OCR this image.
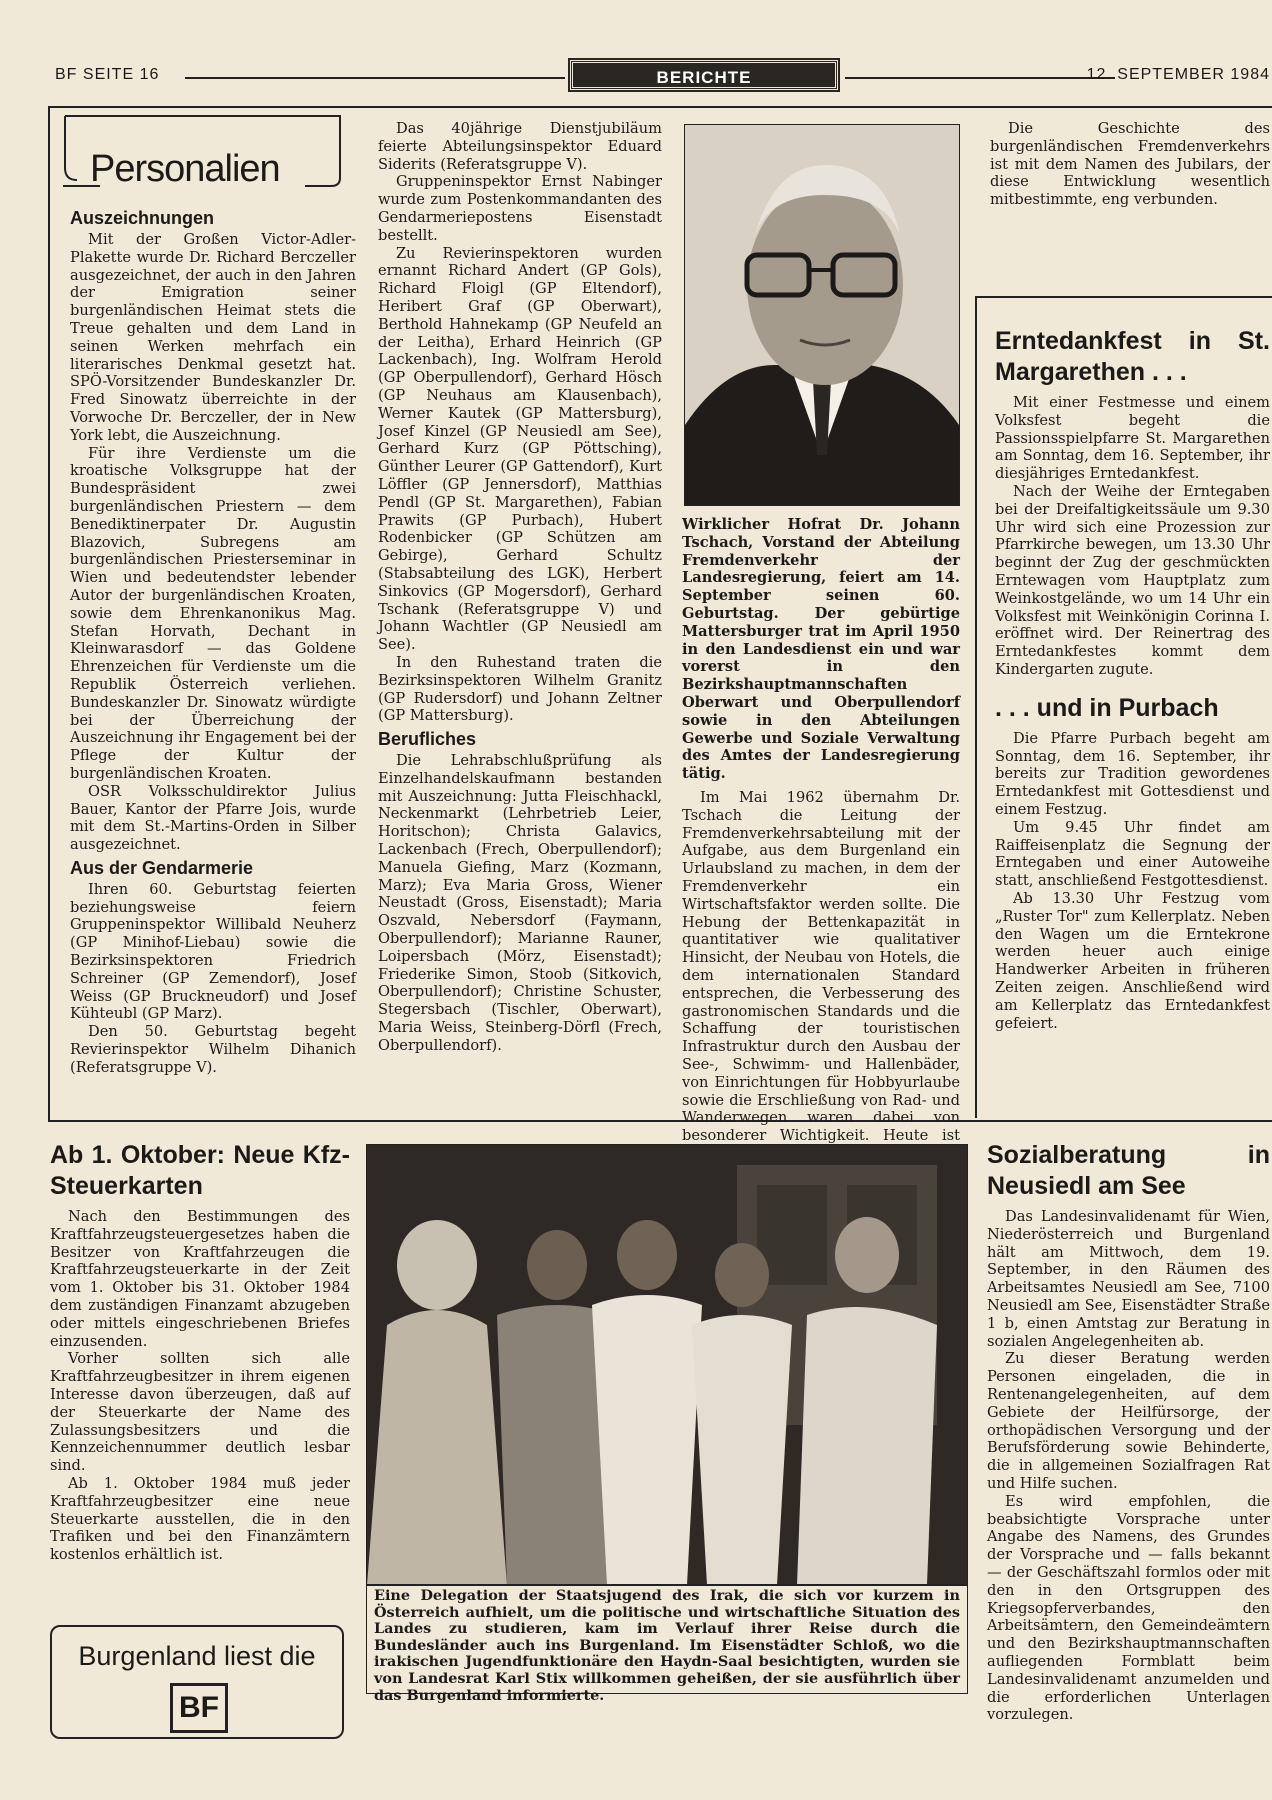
BF SEITE 16	BERICHTE	12. SEPTEMBER 1984
Personalien
Auszeichnungen

Mit der Großen Victor-Adler-Plakette wurde Dr. Richard Berczeller ausgezeichnet, der auch in den Jahren der Emigration seiner burgenländischen Heimat stets die Treue gehalten und dem Land in seinen Werken mehrfach ein literarisches Denkmal gesetzt hat. SPÖ-Vorsitzender Bundeskanzler Dr. Fred Sinowatz überreichte in der Vorwoche Dr. Berczeller, der in New York lebt, die Auszeichnung.

Für ihre Verdienste um die kroatische Volksgruppe hat der Bundespräsident zwei burgenländischen Priestern — dem Benediktinerpater Dr. Augustin Blazovich, Subregens am burgenländischen Priesterseminar in Wien und bedeutendster lebender Autor der burgenländischen Kroaten, sowie dem Ehrenkanonikus Mag. Stefan Horvath, Dechant in Kleinwarasdorf — das Goldene Ehrenzeichen für Verdienste um die Republik Österreich verliehen. Bundeskanzler Dr. Sinowatz würdigte bei der Überreichung der Auszeichnung ihr Engagement bei der Pflege der Kultur der burgenländischen Kroaten.

OSR Volksschuldirektor Julius Bauer, Kantor der Pfarre Jois, wurde mit dem St.-Martins-Orden in Silber ausgezeichnet.

Aus der Gendarmerie

Ihren 60. Geburtstag feierten beziehungsweise feiern Gruppeninspektor Willibald Neuherz (GP Minihof-Liebau) sowie die Bezirksinspektoren Friedrich Schreiner (GP Zemendorf), Josef Weiss (GP Bruckneudorf) und Josef Kühteubl (GP Marz).

Den 50. Geburtstag begeht Revierinspektor Wilhelm Dihanich (Referatsgruppe V).

Das 40jährige Dienstjubiläum feierte Abteilungsinspektor Eduard Siderits (Referatsgruppe V).

Gruppeninspektor Ernst Nabinger wurde zum Postenkommandanten des Gendarmeriepostens Eisenstadt bestellt.

Zu Revierinspektoren wurden ernannt Richard Andert (GP Gols), Richard Floigl (GP Eltendorf), Heribert Graf (GP Oberwart), Berthold Hahnekamp (GP Neufeld an der Leitha), Erhard Heinrich (GP Lackenbach), Ing. Wolfram Herold (GP Oberpullendorf), Gerhard Hösch (GP Neuhaus am Klausenbach), Werner Kautek (GP Mattersburg), Josef Kinzel (GP Neusiedl am See), Gerhard Kurz (GP Pöttsching), Günther Leurer (GP Gattendorf), Kurt Löffler (GP Jennersdorf), Matthias Pendl (GP St. Margarethen), Fabian Prawits (GP Purbach), Hubert Rodenbicker (GP Schützen am Gebirge), Gerhard Schultz (Stabsabteilung des LGK), Herbert Sinkovics (GP Mogersdorf), Gerhard Tschank (Referatsgruppe V) und Johann Wachtler (GP Neusiedl am See).

In den Ruhestand traten die Bezirksinspektoren Wilhelm Granitz (GP Rudersdorf) und Johann Zeltner (GP Mattersburg).

Berufliches

Die Lehrabschlußprüfung als Einzelhandelskaufmann bestanden mit Auszeichnung: Jutta Fleischhackl, Neckenmarkt (Lehrbetrieb Leier, Horitschon); Christa Galavics, Lackenbach (Frech, Oberpullendorf); Manuela Giefing, Marz (Kozmann, Marz); Eva Maria Gross, Wiener Neustadt (Gross, Eisenstadt); Maria Oszvald, Nebersdorf (Faymann, Oberpullendorf); Marianne Rauner, Loipersbach (Mörz, Eisenstadt); Friederike Simon, Stoob (Sitkovich, Oberpullendorf); Christine Schuster, Stegersbach (Tischler, Oberwart), Maria Weiss, Steinberg-Dörfl (Frech, Oberpullendorf).

Wirklicher Hofrat Dr. Johann Tschach, Vorstand der Abteilung Fremdenverkehr der Landesregierung, feiert am 14. September seinen 60. Geburtstag. Der gebürtige Mattersburger trat im April 1950 in den Landesdienst ein und war vorerst in den Bezirkshauptmannschaften Oberwart und Oberpullendorf sowie in den Abteilungen Gewerbe und Soziale Verwaltung des Amtes der Landesregierung tätig.

Im Mai 1962 übernahm Dr. Tschach die Leitung der Fremdenverkehrsabteilung mit der Aufgabe, aus dem Burgenland ein Urlaubsland zu machen, in dem der Fremdenverkehr ein Wirtschaftsfaktor werden sollte. Die Hebung der Bettenkapazität in quantitativer wie qualitativer Hinsicht, der Neubau von Hotels, die dem internationalen Standard entsprechen, die Verbesserung des gastronomischen Standards und die Schaffung der touristischen Infrastruktur durch den Ausbau der See-, Schwimm- und Hallenbäder, von Einrichtungen für Hobbyurlaube sowie die Erschließung von Rad- und Wanderwegen waren dabei von besonderer Wichtigkeit. Heute ist

Die Geschichte des burgenländischen Fremdenverkehrs ist mit dem Namen des Jubilars, der diese Entwicklung wesentlich mitbestimmte, eng verbunden.

Erntedankfest in St. Margarethen . . .

Mit einer Festmesse und einem Volksfest begeht die Passionsspielpfarre St. Margarethen am Sonntag, dem 16. September, ihr diesjähriges Erntedankfest.

Nach der Weihe der Erntegaben bei der Dreifaltigkeitssäule um 9.30 Uhr wird sich eine Prozession zur Pfarrkirche bewegen, um 13.30 Uhr beginnt der Zug der geschmückten Erntewagen vom Hauptplatz zum Weinkostgelände, wo um 14 Uhr ein Volksfest mit Weinkönigin Corinna I. eröffnet wird. Der Reinertrag des Erntedankfestes kommt dem Kindergarten zugute.

. . . und in Purbach

Die Pfarre Purbach begeht am Sonntag, dem 16. September, ihr bereits zur Tradition gewordenes Erntedankfest mit Gottesdienst und einem Festzug.

Um 9.45 Uhr findet am Raiffeisenplatz die Segnung der Erntegaben und einer Autoweihe statt, anschließend Festgottesdienst.

Ab 13.30 Uhr Festzug vom „Ruster Tor" zum Kellerplatz. Neben den Wagen um die Erntekrone werden heuer auch einige Handwerker Arbeiten in früheren Zeiten zeigen. Anschließend wird am Kellerplatz das Erntedankfest gefeiert.

Ab 1. Oktober: Neue Kfz-Steuerkarten

Nach den Bestimmungen des Kraftfahrzeugsteuergesetzes haben die Besitzer von Kraftfahrzeugen die Kraftfahrzeugsteuerkarte in der Zeit vom 1. Oktober bis 31. Oktober 1984 dem zuständigen Finanzamt abzugeben oder mittels eingeschriebenen Briefes einzusenden.

Vorher sollten sich alle Kraftfahrzeugbesitzer in ihrem eigenen Interesse davon überzeugen, daß auf der Steuerkarte der Name des Zulassungsbesitzers und die Kennzeichennummer deutlich lesbar sind.

Ab 1. Oktober 1984 muß jeder Kraftfahrzeugbesitzer eine neue Steuerkarte ausstellen, die in den Trafiken und bei den Finanzämtern kostenlos erhältlich ist.

Burgenland liest die
BF

Eine Delegation der Staatsjugend des Irak, die sich vor kurzem in Österreich aufhielt, um die politische und wirtschaftliche Situation des Landes zu studieren, kam im Verlauf ihrer Reise durch die Bundesländer auch ins Burgenland. Im Eisenstädter Schloß, wo die irakischen Jugendfunktionäre den Haydn-Saal besichtigten, wurden sie von Landesrat Karl Stix willkommen geheißen, der sie ausführlich über das Burgenland informierte.

Sozialberatung in Neusiedl am See

Das Landesinvalidenamt für Wien, Niederösterreich und Burgenland hält am Mittwoch, dem 19. September, in den Räumen des Arbeitsamtes Neusiedl am See, 7100 Neusiedl am See, Eisenstädter Straße 1 b, einen Amtstag zur Beratung in sozialen Angelegenheiten ab.

Zu dieser Beratung werden Personen eingeladen, die in Rentenangelegenheiten, auf dem Gebiete der Heilfürsorge, der orthopädischen Versorgung und der Berufsförderung sowie Behinderte, die in allgemeinen Sozialfragen Rat und Hilfe suchen.

Es wird empfohlen, die beabsichtigte Vorsprache unter Angabe des Namens, des Grundes der Vorsprache und — falls bekannt — der Geschäftszahl formlos oder mit den in den Ortsgruppen des Kriegsopferverbandes, den Arbeitsämtern, den Gemeindeämtern und den Bezirkshauptmannschaften aufliegenden Formblatt beim Landesinvalidenamt anzumelden und die erforderlichen Unterlagen vorzulegen.
